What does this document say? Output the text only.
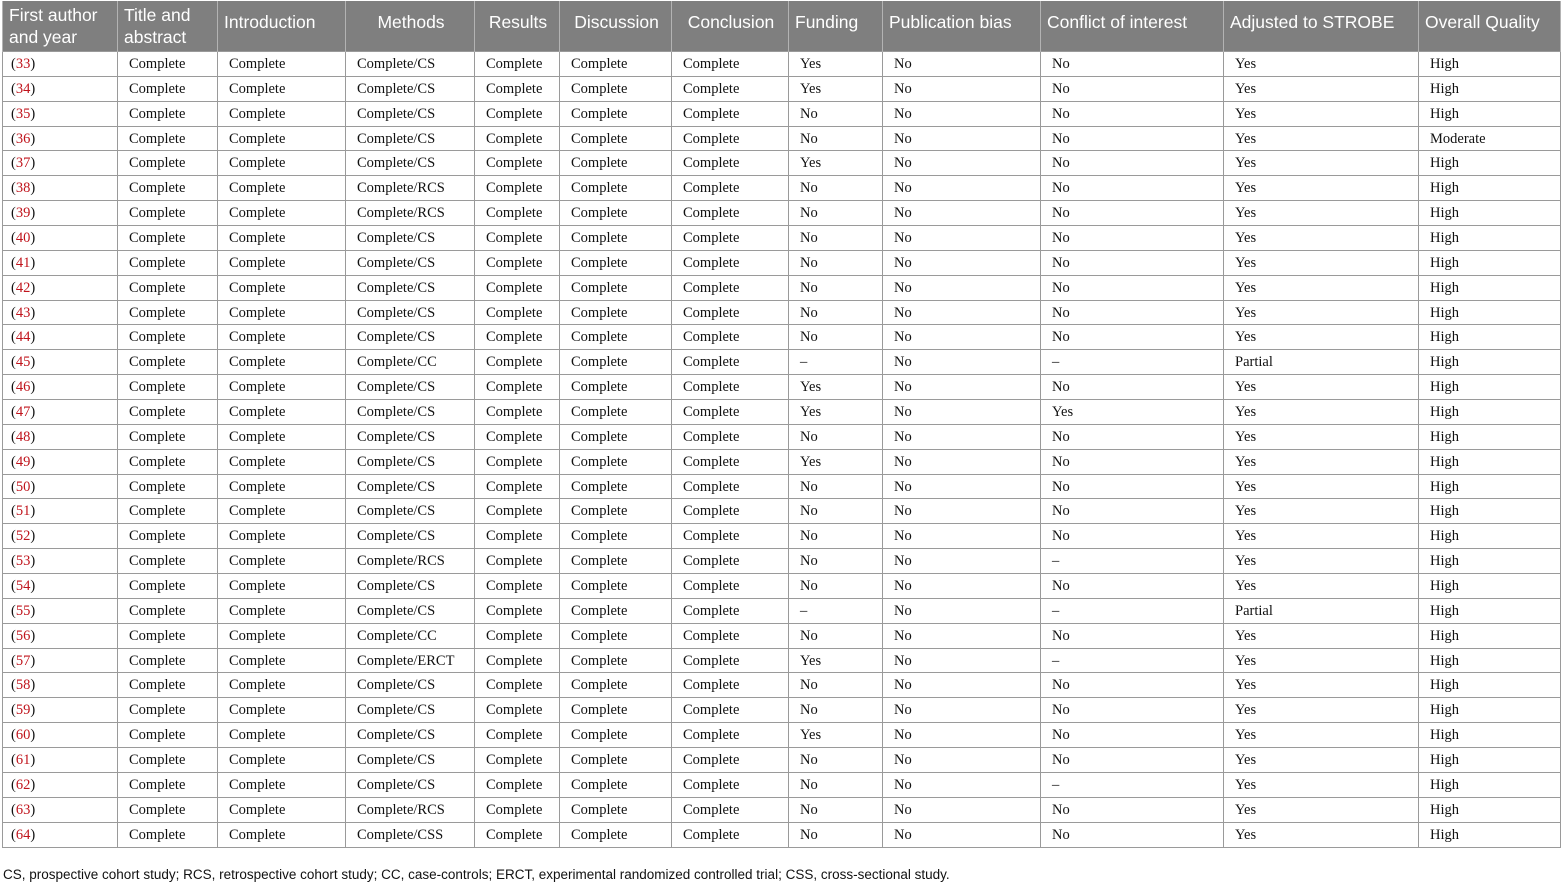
First author and year	Title and abstract	Introduction	Methods	Results	Discussion	Conclusion	Funding	Publication bias	Conflict of interest	Adjusted to STROBE	Overall Quality
(33)	Complete	Complete	Complete/CS	Complete	Complete	Complete	Yes	No	No	Yes	High
(34)	Complete	Complete	Complete/CS	Complete	Complete	Complete	Yes	No	No	Yes	High
(35)	Complete	Complete	Complete/CS	Complete	Complete	Complete	No	No	No	Yes	High
(36)	Complete	Complete	Complete/CS	Complete	Complete	Complete	No	No	No	Yes	Moderate
(37)	Complete	Complete	Complete/CS	Complete	Complete	Complete	Yes	No	No	Yes	High
(38)	Complete	Complete	Complete/RCS	Complete	Complete	Complete	No	No	No	Yes	High
(39)	Complete	Complete	Complete/RCS	Complete	Complete	Complete	No	No	No	Yes	High
(40)	Complete	Complete	Complete/CS	Complete	Complete	Complete	No	No	No	Yes	High
(41)	Complete	Complete	Complete/CS	Complete	Complete	Complete	No	No	No	Yes	High
(42)	Complete	Complete	Complete/CS	Complete	Complete	Complete	No	No	No	Yes	High
(43)	Complete	Complete	Complete/CS	Complete	Complete	Complete	No	No	No	Yes	High
(44)	Complete	Complete	Complete/CS	Complete	Complete	Complete	No	No	No	Yes	High
(45)	Complete	Complete	Complete/CC	Complete	Complete	Complete	–	No	–	Partial	High
(46)	Complete	Complete	Complete/CS	Complete	Complete	Complete	Yes	No	No	Yes	High
(47)	Complete	Complete	Complete/CS	Complete	Complete	Complete	Yes	No	Yes	Yes	High
(48)	Complete	Complete	Complete/CS	Complete	Complete	Complete	No	No	No	Yes	High
(49)	Complete	Complete	Complete/CS	Complete	Complete	Complete	Yes	No	No	Yes	High
(50)	Complete	Complete	Complete/CS	Complete	Complete	Complete	No	No	No	Yes	High
(51)	Complete	Complete	Complete/CS	Complete	Complete	Complete	No	No	No	Yes	High
(52)	Complete	Complete	Complete/CS	Complete	Complete	Complete	No	No	No	Yes	High
(53)	Complete	Complete	Complete/RCS	Complete	Complete	Complete	No	No	–	Yes	High
(54)	Complete	Complete	Complete/CS	Complete	Complete	Complete	No	No	No	Yes	High
(55)	Complete	Complete	Complete/CS	Complete	Complete	Complete	–	No	–	Partial	High
(56)	Complete	Complete	Complete/CC	Complete	Complete	Complete	No	No	No	Yes	High
(57)	Complete	Complete	Complete/ERCT	Complete	Complete	Complete	Yes	No	–	Yes	High
(58)	Complete	Complete	Complete/CS	Complete	Complete	Complete	No	No	No	Yes	High
(59)	Complete	Complete	Complete/CS	Complete	Complete	Complete	No	No	No	Yes	High
(60)	Complete	Complete	Complete/CS	Complete	Complete	Complete	Yes	No	No	Yes	High
(61)	Complete	Complete	Complete/CS	Complete	Complete	Complete	No	No	No	Yes	High
(62)	Complete	Complete	Complete/CS	Complete	Complete	Complete	No	No	–	Yes	High
(63)	Complete	Complete	Complete/RCS	Complete	Complete	Complete	No	No	No	Yes	High
(64)	Complete	Complete	Complete/CSS	Complete	Complete	Complete	No	No	No	Yes	High
CS, prospective cohort study; RCS, retrospective cohort study; CC, case-controls; ERCT, experimental randomized controlled trial; CSS, cross-sectional study.
